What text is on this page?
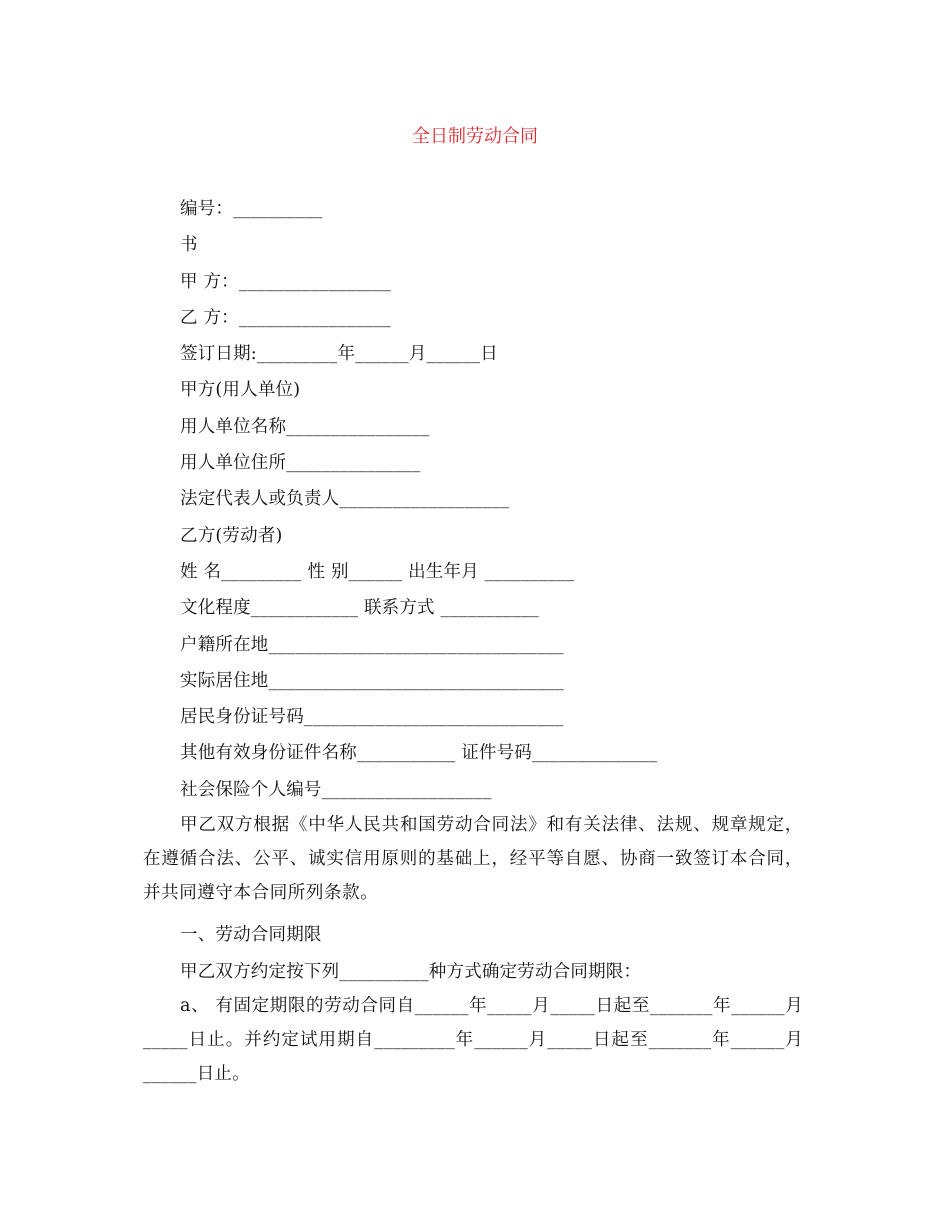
全日制劳动合同
编号：__________
书
甲 方：_________________
乙 方：_________________
签订日期:_________年______月______日
甲方(用人单位)
用人单位名称________________
用人单位住所_______________
法定代表人或负责人___________________
乙方(劳动者)
姓 名_________ 性 别______ 出生年月 __________
文化程度____________ 联系方式 ___________
户籍所在地_________________________________
实际居住地_________________________________
居民身份证号码_____________________________
其他有效身份证件名称___________ 证件号码______________
社会保险个人编号___________________
甲乙双方根据《中华人民共和国劳动合同法》和有关法律、法规、规章规定，在遵循合法、公平、诚实信用原则的基础上，经平等自愿、协商一致签订本合同，并共同遵守本合同所列条款。
一、劳动合同期限
甲乙双方约定按下列__________种方式确定劳动合同期限：
a、 有固定期限的劳动合同自______年_____月_____日起至_______年______月_____日止。并约定试用期自_________年______月_____日起至_______年______月______日止。
